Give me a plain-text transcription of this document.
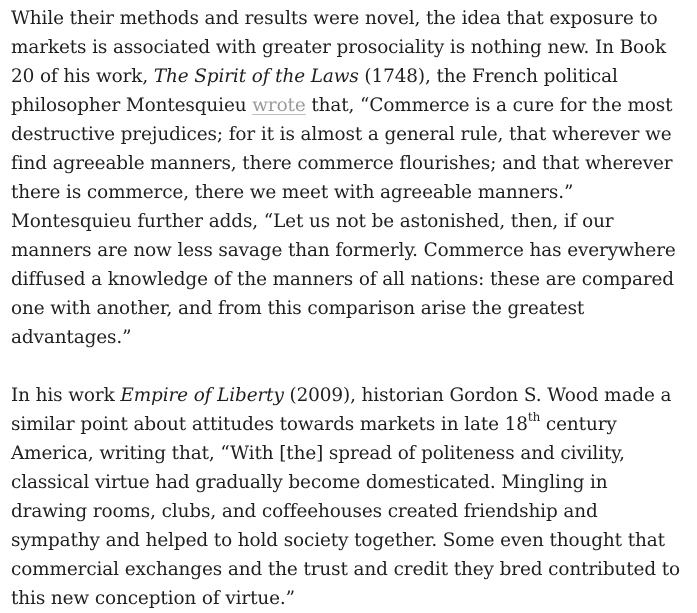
While their methods and results were novel, the idea that exposure to markets is associated with greater prosociality is nothing new. In Book 20 of his work, The Spirit of the Laws (1748), the French political philosopher Montesquieu wrote that, “Commerce is a cure for the most destructive prejudices; for it is almost a general rule, that wherever we find agreeable manners, there commerce flourishes; and that wherever there is commerce, there we meet with agreeable manners.” Montesquieu further adds, “Let us not be astonished, then, if our manners are now less savage than formerly. Commerce has everywhere diffused a knowledge of the manners of all nations: these are compared one with another, and from this comparison arise the greatest advantages.”

In his work Empire of Liberty (2009), historian Gordon S. Wood made a similar point about attitudes towards markets in late 18th century America, writing that, “With [the] spread of politeness and civility, classical virtue had gradually become domesticated. Mingling in drawing rooms, clubs, and coffeehouses created friendship and sympathy and helped to hold society together. Some even thought that commercial exchanges and the trust and credit they bred contributed to this new conception of virtue.”
